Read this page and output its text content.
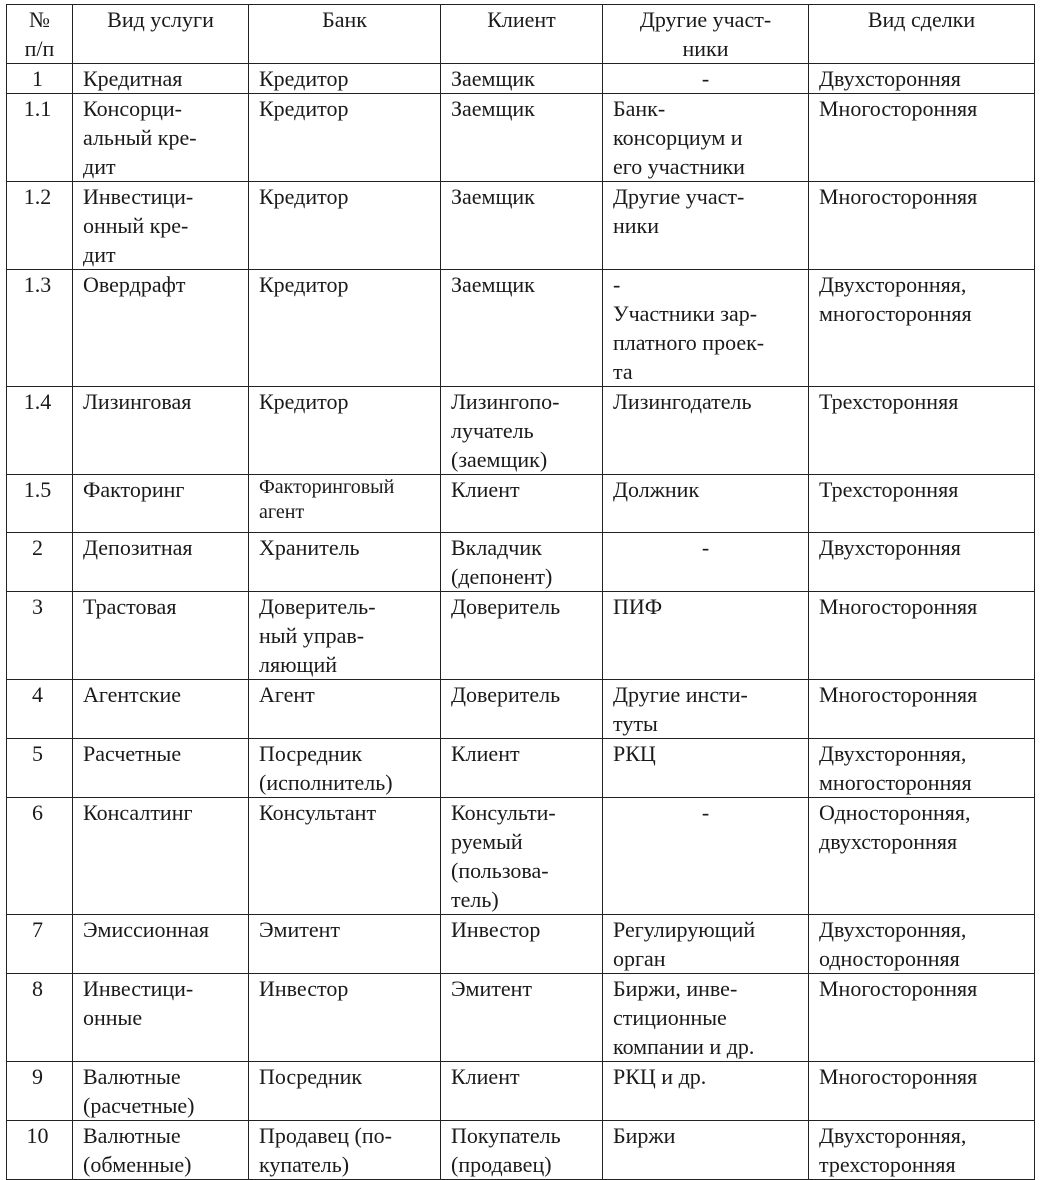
№
п/п	Вид услуги	Банк	Клиент	Другие участ-
ники	Вид сделки
1	Кредитная	Кредитор	Заемщик	-	Двухсторонняя
1.1	Консорци-
альный кре-
дит	Кредитор	Заемщик	Банк-
консорциум и
его участники	Многосторонняя
1.2	Инвестици-
онный кре-
дит	Кредитор	Заемщик	Другие участ-
ники	Многосторонняя
1.3	Овердрафт	Кредитор	Заемщик	-
Участники зар-
платного проек-
та	Двухсторонняя,
многосторонняя
1.4	Лизинговая	Кредитор	Лизингопо-
лучатель
(заемщик)	Лизингодатель	Трехсторонняя
1.5	Факторинг	Факторинговый
агент	Клиент	Должник	Трехсторонняя
2	Депозитная	Хранитель	Вкладчик
(депонент)	-	Двухсторонняя
3	Трастовая	Доверитель-
ный управ-
ляющий	Доверитель	ПИФ	Многосторонняя
4	Агентские	Агент	Доверитель	Другие инсти-
туты	Многосторонняя
5	Расчетные	Посредник
(исполнитель)	Клиент	РКЦ	Двухсторонняя,
многосторонняя
6	Консалтинг	Консультант	Консульти-
руемый
(пользова-
тель)	-	Односторонняя,
двухсторонняя
7	Эмиссионная	Эмитент	Инвестор	Регулирующий
орган	Двухсторонняя,
односторонняя
8	Инвестици-
онные	Инвестор	Эмитент	Биржи, инве-
стиционные
компании и др.	Многосторонняя
9	Валютные
(расчетные)	Посредник	Клиент	РКЦ и др.	Многосторонняя
10	Валютные
(обменные)	Продавец (по-
купатель)	Покупатель
(продавец)	Биржи	Двухсторонняя,
трехсторонняя
